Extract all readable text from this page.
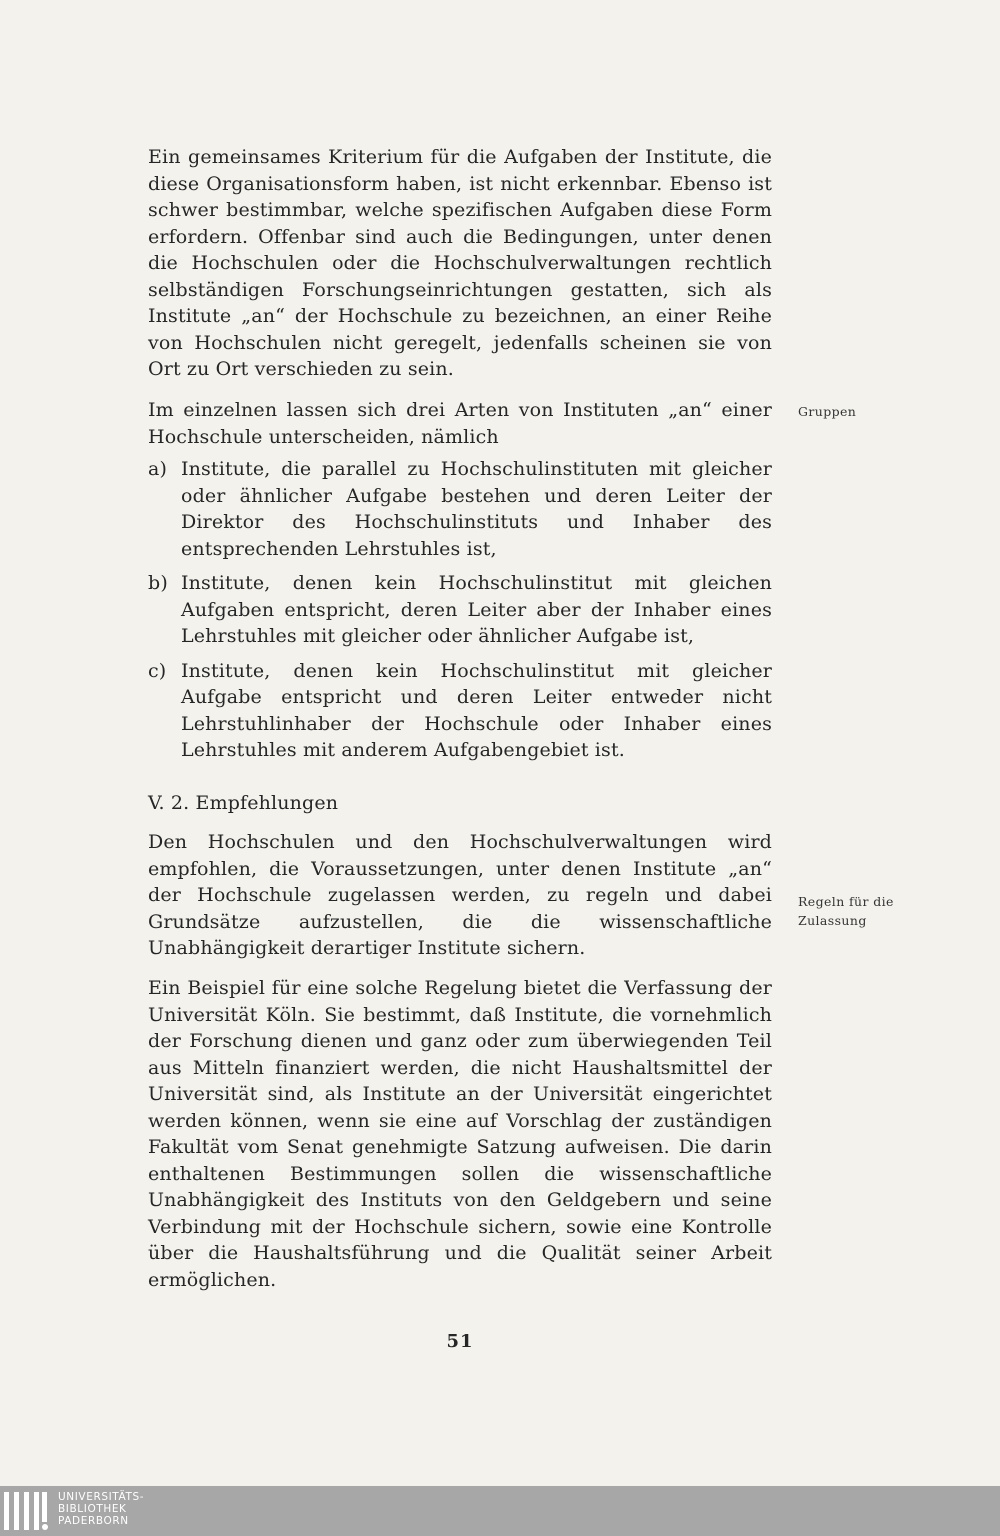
Ein gemeinsames Kriterium für die Aufgaben der Institute, die diese Organisationsform haben, ist nicht erkennbar. Ebenso ist schwer bestimmbar, welche spezifischen Aufgaben diese Form erfordern. Offenbar sind auch die Bedingungen, unter denen die Hochschulen oder die Hochschulverwaltungen rechtlich selbständigen Forschungseinrichtungen gestatten, sich als Institute „an“ der Hochschule zu bezeichnen, an einer Reihe von Hochschulen nicht geregelt, jedenfalls scheinen sie von Ort zu Ort verschieden zu sein.

Im einzelnen lassen sich drei Arten von Instituten „an“ einer Hochschule unterscheiden, nämlich

a) Institute, die parallel zu Hochschulinstituten mit gleicher oder ähnlicher Aufgabe bestehen und deren Leiter der Direktor des Hochschulinstituts und Inhaber des entsprechenden Lehrstuhles ist,
b) Institute, denen kein Hochschulinstitut mit gleichen Aufgaben entspricht, deren Leiter aber der Inhaber eines Lehrstuhles mit gleicher oder ähnlicher Aufgabe ist,
c) Institute, denen kein Hochschulinstitut mit gleicher Aufgabe entspricht und deren Leiter entweder nicht Lehrstuhlinhaber der Hochschule oder Inhaber eines Lehrstuhles mit anderem Aufgabengebiet ist.

V. 2. Empfehlungen

Den Hochschulen und den Hochschulverwaltungen wird empfohlen, die Voraussetzungen, unter denen Institute „an“ der Hochschule zugelassen werden, zu regeln und dabei Grundsätze aufzustellen, die die wissenschaftliche Unabhängigkeit derartiger Institute sichern.

Ein Beispiel für eine solche Regelung bietet die Verfassung der Universität Köln. Sie bestimmt, daß Institute, die vornehmlich der Forschung dienen und ganz oder zum überwiegenden Teil aus Mitteln finanziert werden, die nicht Haushaltsmittel der Universität sind, als Institute an der Universität eingerichtet werden können, wenn sie eine auf Vorschlag der zuständigen Fakultät vom Senat genehmigte Satzung aufweisen. Die darin enthaltenen Bestimmungen sollen die wissenschaftliche Unabhängigkeit des Instituts von den Geldgebern und seine Verbindung mit der Hochschule sichern, sowie eine Kontrolle über die Haushaltsführung und die Qualität seiner Arbeit ermöglichen.

Gruppen
Regeln für die
Zulassung
51
UNIVERSITÄTS-
BIBLIOTHEK
PADERBORN
